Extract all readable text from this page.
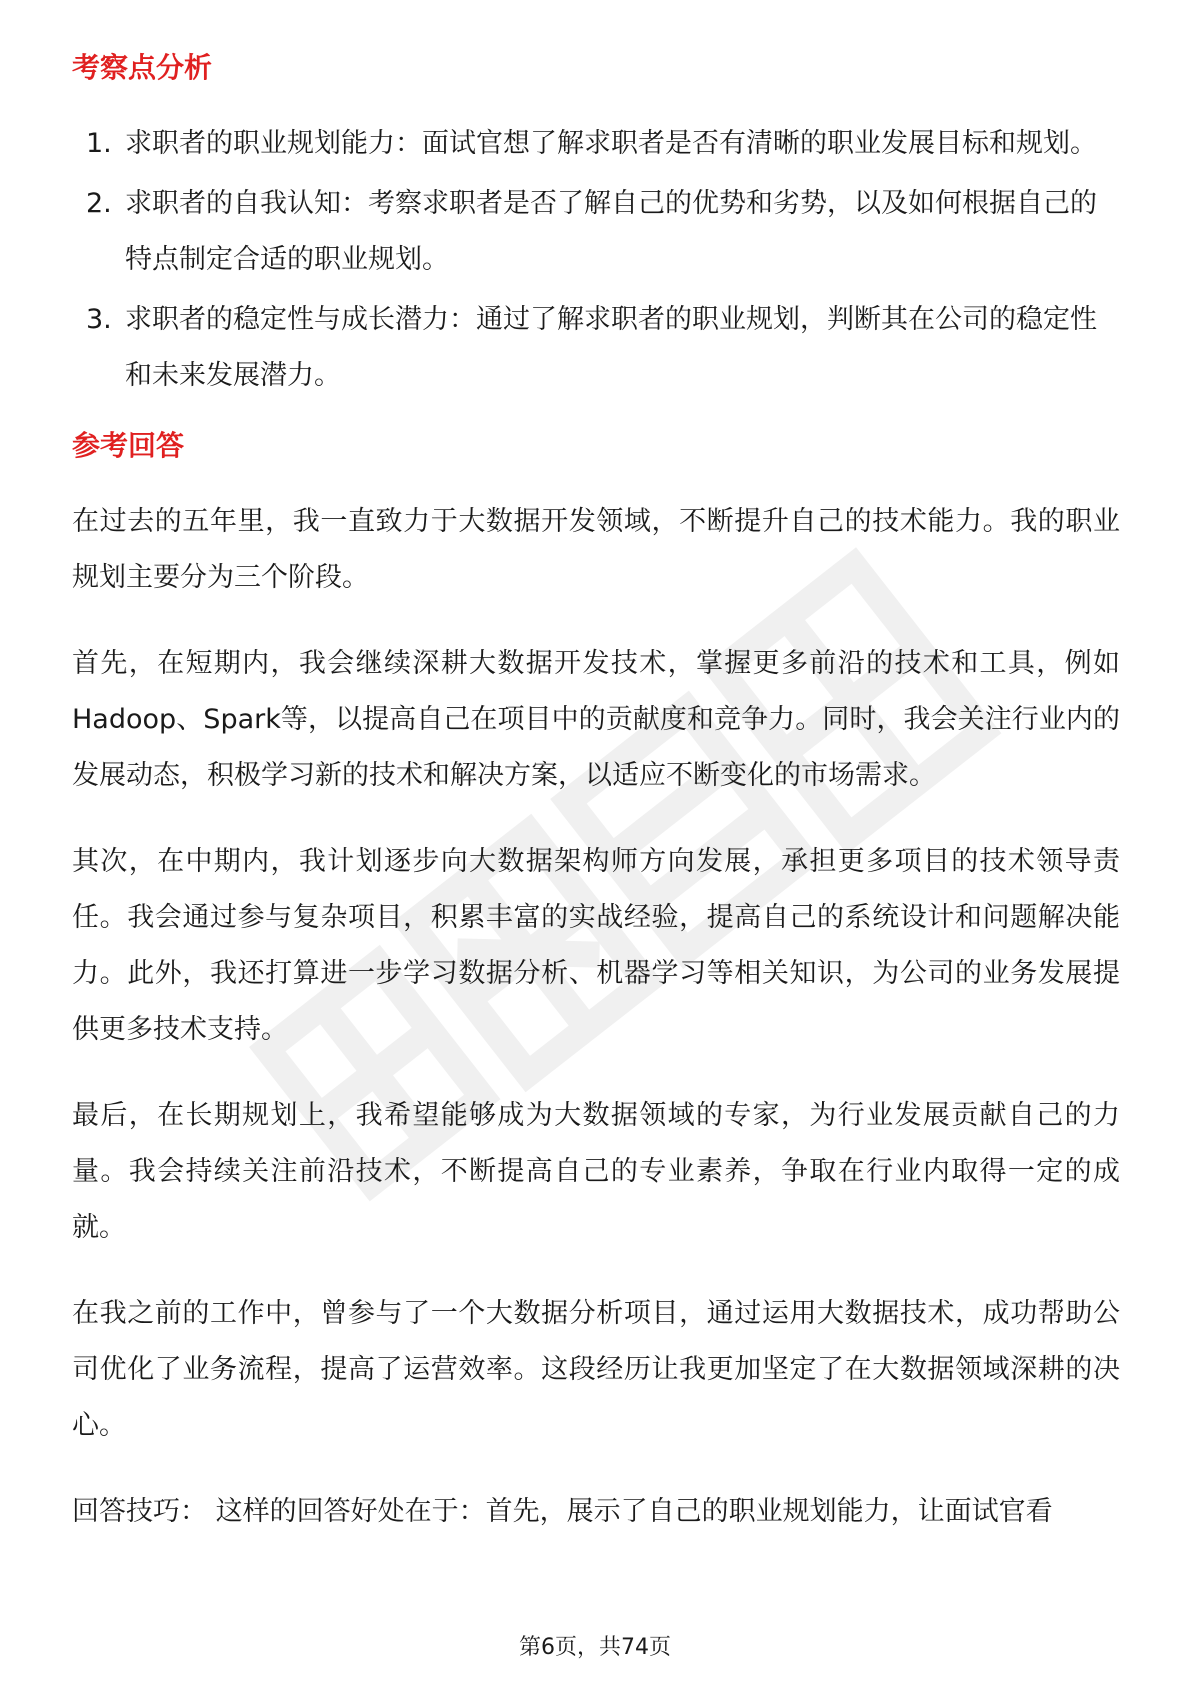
考察点分析
1. 求职者的职业规划能力：面试官想了解求职者是否有清晰的职业发展目标和规划。
2. 求职者的自我认知：考察求职者是否了解自己的优势和劣势，以及如何根据自己的特点制定合适的职业规划。
3. 求职者的稳定性与成长潜力：通过了解求职者的职业规划，判断其在公司的稳定性和未来发展潜力。
参考回答

在过去的五年里，我一直致力于大数据开发领域，不断提升自己的技术能力。我的职业规划主要分为三个阶段。

首先，在短期内，我会继续深耕大数据开发技术，掌握更多前沿的技术和工具，例如Hadoop、Spark等，以提高自己在项目中的贡献度和竞争力。同时，我会关注行业内的发展动态，积极学习新的技术和解决方案，以适应不断变化的市场需求。

其次，在中期内，我计划逐步向大数据架构师方向发展，承担更多项目的技术领导责任。我会通过参与复杂项目，积累丰富的实战经验，提高自己的系统设计和问题解决能力。此外，我还打算进一步学习数据分析、机器学习等相关知识，为公司的业务发展提供更多技术支持。

最后，在长期规划上，我希望能够成为大数据领域的专家，为行业发展贡献自己的力量。我会持续关注前沿技术，不断提高自己的专业素养，争取在行业内取得一定的成就。

在我之前的工作中，曾参与了一个大数据分析项目，通过运用大数据技术，成功帮助公司优化了业务流程，提高了运营效率。这段经历让我更加坚定了在大数据领域深耕的决心。

回答技巧： 这样的回答好处在于：首先，展示了自己的职业规划能力，让面试官看

第6页，共74页
